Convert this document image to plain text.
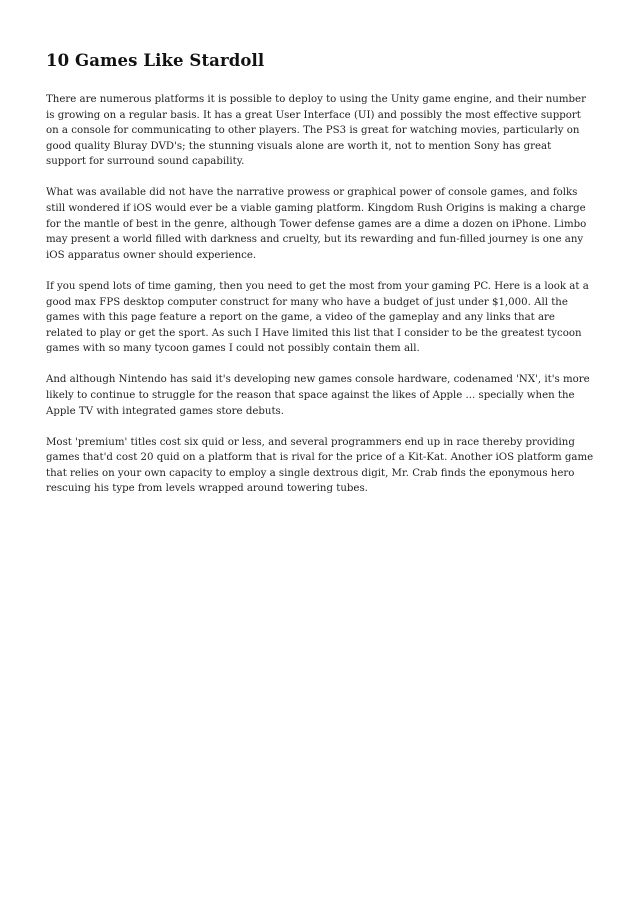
10 Games Like Stardoll

There are numerous platforms it is possible to deploy to using the Unity game engine, and their number is growing on a regular basis. It has a great User Interface (UI) and possibly the most effective support on a console for communicating to other players. The PS3 is great for watching movies, particularly on good quality Bluray DVD's; the stunning visuals alone are worth it, not to mention Sony has great support for surround sound capability.

What was available did not have the narrative prowess or graphical power of console games, and folks still wondered if iOS would ever be a viable gaming platform. Kingdom Rush Origins is making a charge for the mantle of best in the genre, although Tower defense games are a dime a dozen on iPhone. Limbo may present a world filled with darkness and cruelty, but its rewarding and fun-filled journey is one any iOS apparatus owner should experience.

If you spend lots of time gaming, then you need to get the most from your gaming PC. Here is a look at a good max FPS desktop computer construct for many who have a budget of just under $1,000. All the games with this page feature a report on the game, a video of the gameplay and any links that are related to play or get the sport. As such I Have limited this list that I consider to be the greatest tycoon games with so many tycoon games I could not possibly contain them all.

And although Nintendo has said it's developing new games console hardware, codenamed 'NX', it's more likely to continue to struggle for the reason that space against the likes of Apple ... specially when the Apple TV with integrated games store debuts.

Most 'premium' titles cost six quid or less, and several programmers end up in race thereby providing games that'd cost 20 quid on a platform that is rival for the price of a Kit-Kat. Another iOS platform game that relies on your own capacity to employ a single dextrous digit, Mr. Crab finds the eponymous hero rescuing his type from levels wrapped around towering tubes.
